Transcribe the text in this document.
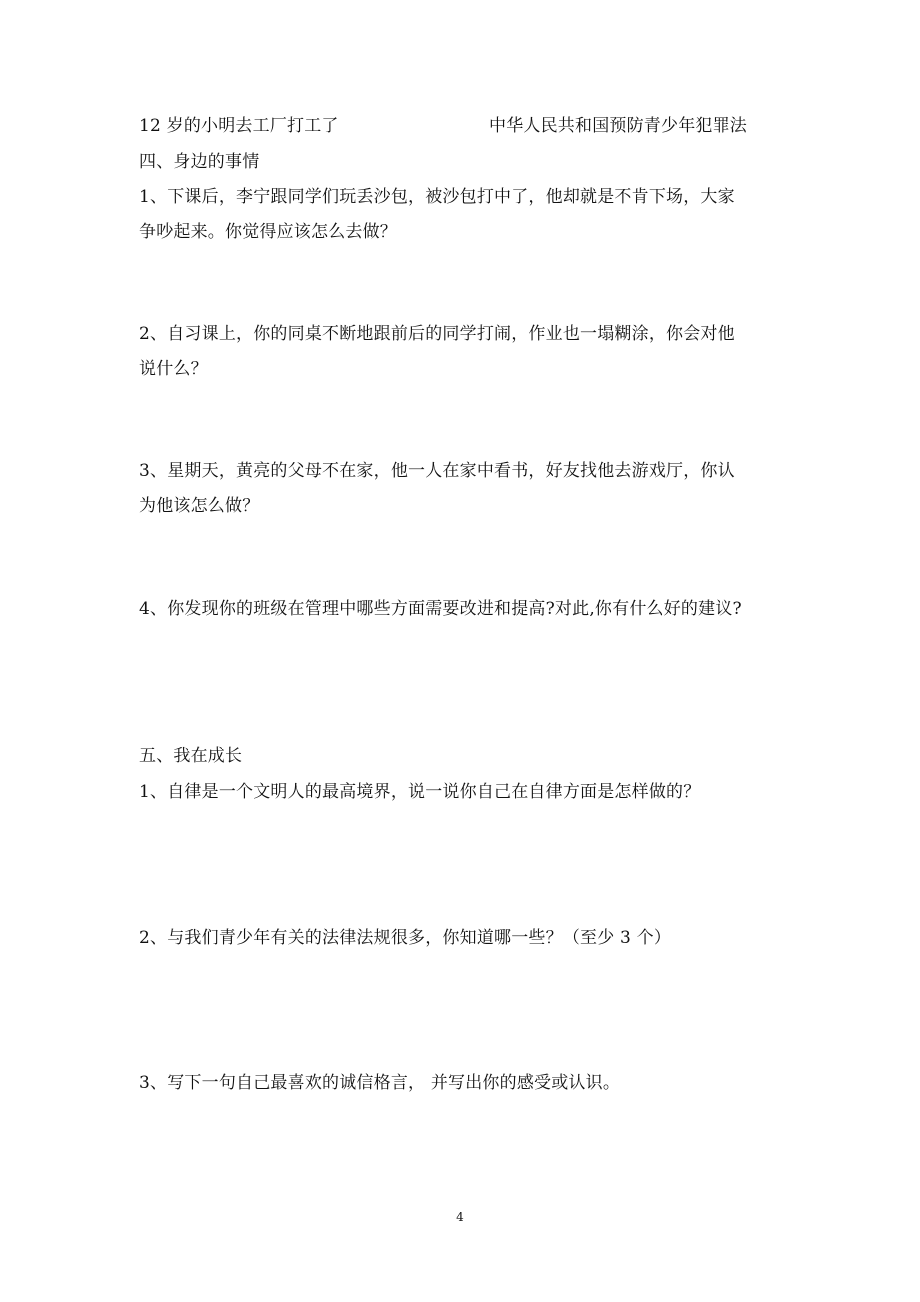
12 岁的小明去工厂打工了	中华人民共和国预防青少年犯罪法
四、身边的事情
1、下课后，李宁跟同学们玩丢沙包，被沙包打中了，他却就是不肯下场，大家
争吵起来。你觉得应该怎么去做？
2、自习课上，你的同桌不断地跟前后的同学打闹，作业也一塌糊涂，你会对他
说什么？
3、星期天，黄亮的父母不在家，他一人在家中看书，好友找他去游戏厅，你认
为他该怎么做？
4、你发现你的班级在管理中哪些方面需要改进和提高?对此,你有什么好的建议?
五、我在成长
1、自律是一个文明人的最高境界，说一说你自己在自律方面是怎样做的？
2、与我们青少年有关的法律法规很多，你知道哪一些？（至少 3 个）
3、写下一句自己最喜欢的诚信格言， 并写出你的感受或认识。
4
